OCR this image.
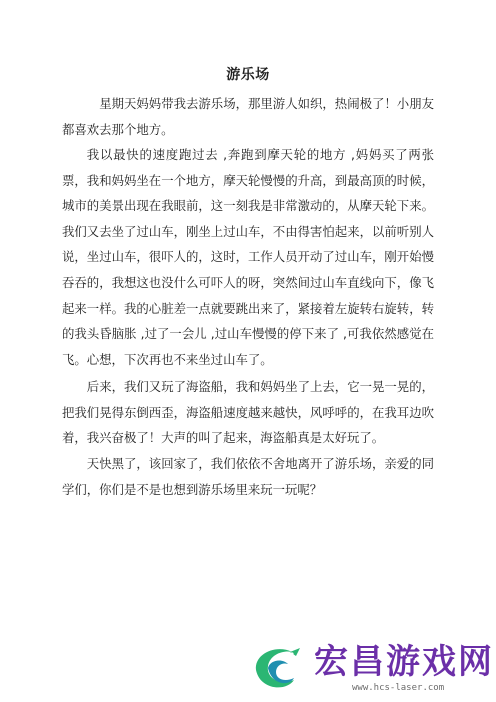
游乐场

星期天妈妈带我去游乐场，那里游人如织，热闹极了！小朋友都喜欢去那个地方。

我以最快的速度跑过去 ,奔跑到摩天轮的地方 ,妈妈买了两张票，我和妈妈坐在一个地方，摩天轮慢慢的升高，到最高顶的时候，城市的美景出现在我眼前，这一刻我是非常激动的，从摩天轮下来。我们又去坐了过山车，刚坐上过山车，不由得害怕起来，以前听别人说，坐过山车，很吓人的，这时，工作人员开动了过山车，刚开始慢吞吞的，我想这也没什么可吓人的呀，突然间过山车直线向下，像飞起来一样。我的心脏差一点就要跳出来了，紧接着左旋转右旋转，转的我头昏脑胀 ,过了一会儿 ,过山车慢慢的停下来了 ,可我依然感觉在飞。心想，下次再也不来坐过山车了。

后来，我们又玩了海盗船，我和妈妈坐了上去，它一晃一晃的，把我们晃得东倒西歪，海盗船速度越来越快，风呼呼的，在我耳边吹着，我兴奋极了！大声的叫了起来，海盗船真是太好玩了。

天快黑了，该回家了，我们依依不舍地离开了游乐场，亲爱的同学们，你们是不是也想到游乐场里来玩一玩呢？

宏昌游戏网
www.hcs-laser.com
